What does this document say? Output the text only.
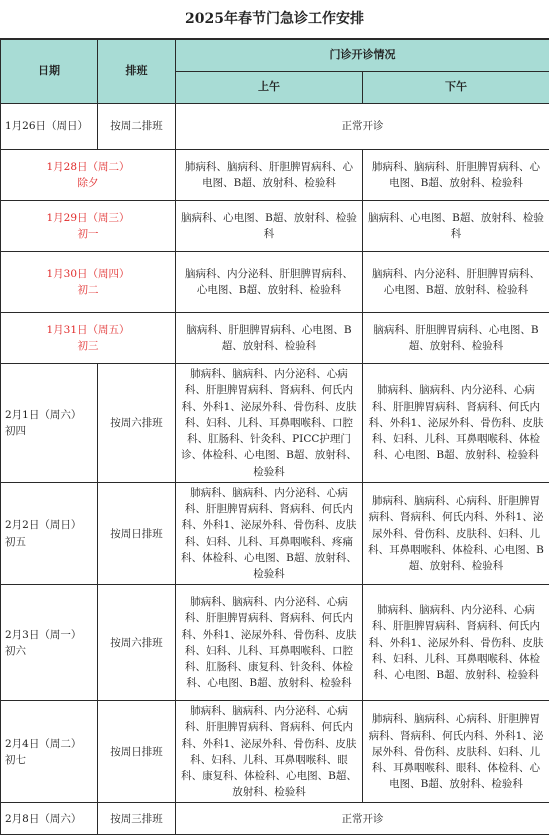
2025年春节门急诊工作安排
日期	排班	门诊开诊情况	
		上午	下午
1月26日（周日）	按周二排班	正常开诊	
1月28日（周二）
除夕		肺病科、脑病科、肝胆脾胃病科、心电图、B超、放射科、检验科	肺病科、脑病科、肝胆脾胃病科、心电图、B超、放射科、检验科
1月29日（周三）
初一		脑病科、心电图、B超、放射科、检验科	脑病科、心电图、B超、放射科、检验科
1月30日（周四）
初二		脑病科、内分泌科、肝胆脾胃病科、心电图、B超、放射科、检验科	脑病科、内分泌科、肝胆脾胃病科、心电图、B超、放射科、检验科
1月31日（周五）
初三		脑病科、肝胆脾胃病科、心电图、B超、放射科、检验科	脑病科、肝胆脾胃病科、心电图、B超、放射科、检验科
2月1日（周六）
初四	按周六排班	肺病科、脑病科、内分泌科、心病科、肝胆脾胃病科、肾病科、何氏内科、外科1、泌尿外科、骨伤科、皮肤科、妇科、儿科、耳鼻咽喉科、口腔科、肛肠科、针灸科、PICC护理门诊、体检科、心电图、B超、放射科、检验科	肺病科、脑病科、内分泌科、心病科、肝胆脾胃病科、肾病科、何氏内科、外科1、泌尿外科、骨伤科、皮肤科、妇科、儿科、耳鼻咽喉科、体检科、心电图、B超、放射科、检验科
2月2日（周日）
初五	按周日排班	肺病科、脑病科、内分泌科、心病科、肝胆脾胃病科、肾病科、何氏内科、外科1、泌尿外科、骨伤科、皮肤科、妇科、儿科、耳鼻咽喉科、疼痛科、体检科、心电图、B超、放射科、检验科	肺病科、脑病科、心病科、肝胆脾胃病科、肾病科、何氏内科、外科1、泌尿外科、骨伤科、皮肤科、妇科、儿科、耳鼻咽喉科、体检科、心电图、B超、放射科、检验科
2月3日（周一）
初六	按周六排班	肺病科、脑病科、内分泌科、心病科、肝胆脾胃病科、肾病科、何氏内科、外科1、泌尿外科、骨伤科、皮肤科、妇科、儿科、耳鼻咽喉科、口腔科、肛肠科、康复科、针灸科、体检科、心电图、B超、放射科、检验科	肺病科、脑病科、内分泌科、心病科、肝胆脾胃病科、肾病科、何氏内科、外科1、泌尿外科、骨伤科、皮肤科、妇科、儿科、耳鼻咽喉科、体检科、心电图、B超、放射科、检验科
2月4日（周二）
初七	按周日排班	肺病科、脑病科、内分泌科、心病科、肝胆脾胃病科、肾病科、何氏内科、外科1、泌尿外科、骨伤科、皮肤科、妇科、儿科、耳鼻咽喉科、眼科、康复科、体检科、心电图、B超、放射科、检验科	肺病科、脑病科、心病科、肝胆脾胃病科、肾病科、何氏内科、外科1、泌尿外科、骨伤科、皮肤科、妇科、儿科、耳鼻咽喉科、眼科、体检科、心电图、B超、放射科、检验科
2月8日（周六）	按周三排班	正常开诊	
